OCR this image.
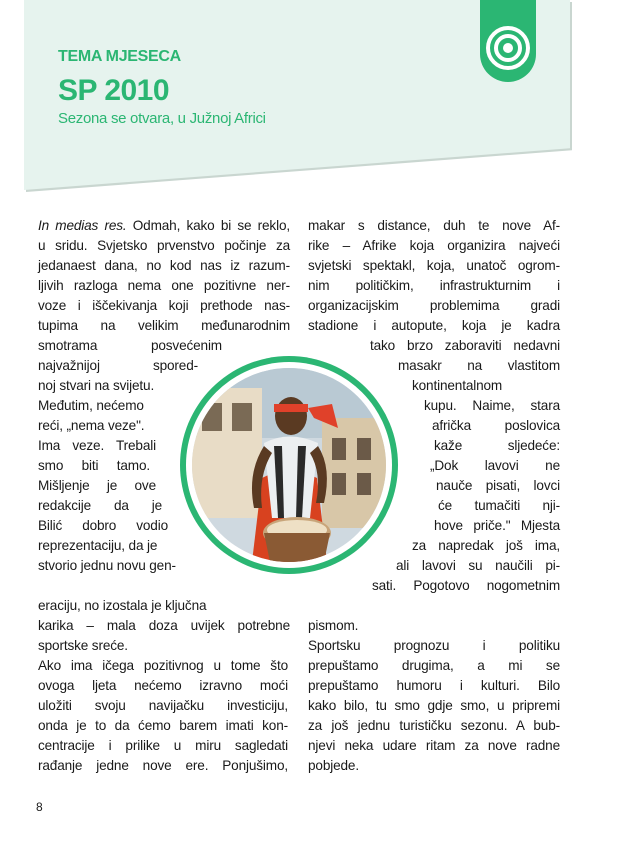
TEMA MJESECA
SP 2010
Sezona se otvara, u Južnoj Africi
In medias res. Odmah, kako bi se reklo,
u sridu. Svjetsko prvenstvo počinje za
jedanaest dana, no kod nas iz razum-
ljivih razloga nema one pozitivne ner-
voze i iščekivanja koji prethode nas-
tupima na velikim međunarodnim
smotrama posvećenim
najvažnijoj spored-
noj stvari na svijetu.
Međutim, nećemo
reći, „nema veze".
Ima veze. Trebali
smo biti tamo.
Mišljenje je ove
redakcije da je
Bilić dobro vodio
reprezentaciju, da je
stvorio jednu novu gen-
eraciju, no izostala je ključna
karika – mala doza uvijek potrebne
sportske sreće.
Ako ima ičega pozitivnog u tome što
ovoga ljeta nećemo izravno moći
uložiti svoju navijačku investiciju,
onda je to da ćemo barem imati kon-
centracije i prilike u miru sagledati
rađanje jedne nove ere. Ponjušimo,
makar s distance, duh te nove Af-
rike – Afrike koja organizira najveći
svjetski spektakl, koja, unatoč ogrom-
nim političkim, infrastrukturnim i
organizacijskim problemima gradi
stadione i autopute, koja je kadra
tako brzo zaboraviti nedavni
masakr na vlastitom
kontinentalnom
kupu. Naime, stara
afrička poslovica
kaže sljedeće:
„Dok lavovi ne
nauče pisati, lovci
će tumačiti nji-
hove priče." Mjesta
za napredak još ima,
ali lavovi su naučili pi-
sati. Pogotovo nogometnim
pismom.
Sportsku prognozu i politiku
prepuštamo drugima, a mi se
prepuštamo humoru i kulturi. Bilo
kako bilo, tu smo gdje smo, u pripremi
za još jednu turističku sezonu. A bub-
njevi neka udare ritam za nove radne
pobjede.
8
